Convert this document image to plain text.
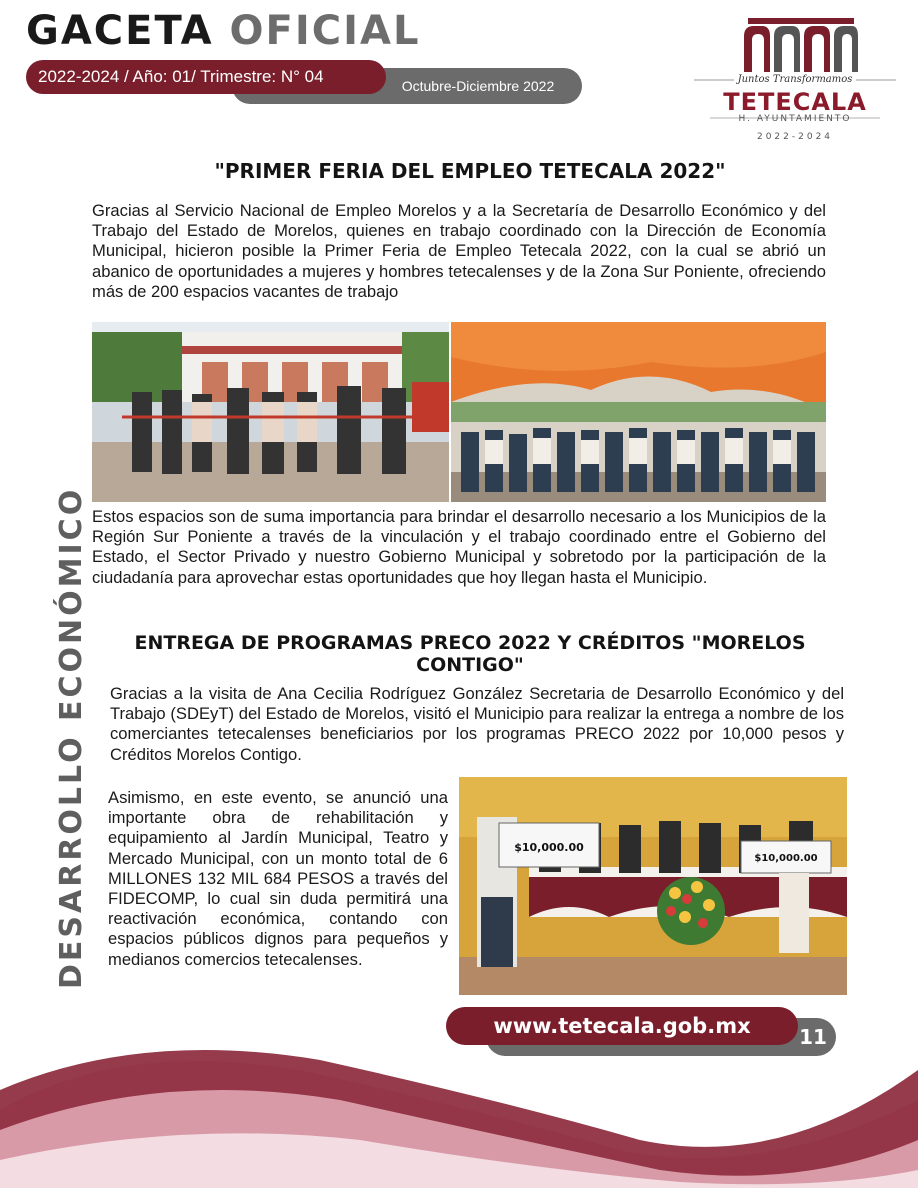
GACETA OFICIAL
Octubre-Diciembre 2022
2022-2024 / Año: 01/ Trimestre: N° 04	Juntos Transformamos
TETECALA
H. AYUNTAMIENTO
2022-2024
DESARROLLO ECONÓMICO
"PRIMER FERIA DEL EMPLEO TETECALA 2022"
Gracias al Servicio Nacional de Empleo Morelos y a la Secretaría de Desarrollo Económico y del Trabajo del Estado de Morelos, quienes en trabajo coordinado con la Dirección de Economía Municipal, hicieron posible la Primer Feria de Empleo Tetecala 2022, con la cual se abrió un abanico de oportunidades a mujeres y hombres tetecalenses y de la Zona Sur Poniente, ofreciendo más de 200 espacios vacantes de trabajo
Estos espacios son de suma importancia para brindar el desarrollo necesario a los Municipios de la Región Sur Poniente a través de la vinculación y el trabajo coordinado entre el Gobierno del Estado, el Sector Privado y nuestro Gobierno Municipal y sobretodo por la participación de la ciudadanía para aprovechar estas oportunidades que hoy llegan hasta el Municipio.
ENTREGA DE PROGRAMAS PRECO 2022 Y CRÉDITOS "MORELOS CONTIGO"
Gracias a la visita de Ana Cecilia Rodríguez González Secretaria de Desarrollo Económico y del Trabajo (SDEyT) del Estado de Morelos, visitó el Municipio para realizar la entrega a nombre de los comerciantes tetecalenses beneficiarios por los programas PRECO 2022 por 10,000 pesos y Créditos Morelos Contigo.
Asimismo, en este evento, se anunció una importante obra de rehabilitación y equipamiento al Jardín Municipal, Teatro y Mercado Municipal, con un monto total de 6 MILLONES 132 MIL 684 PESOS a través del FIDECOMP, lo cual sin duda permitirá una reactivación económica, contando con espacios públicos dignos para pequeños y medianos comercios tetecalenses.
$10,000.00
$10,000.00
www.tetecala.gob.mx	11
